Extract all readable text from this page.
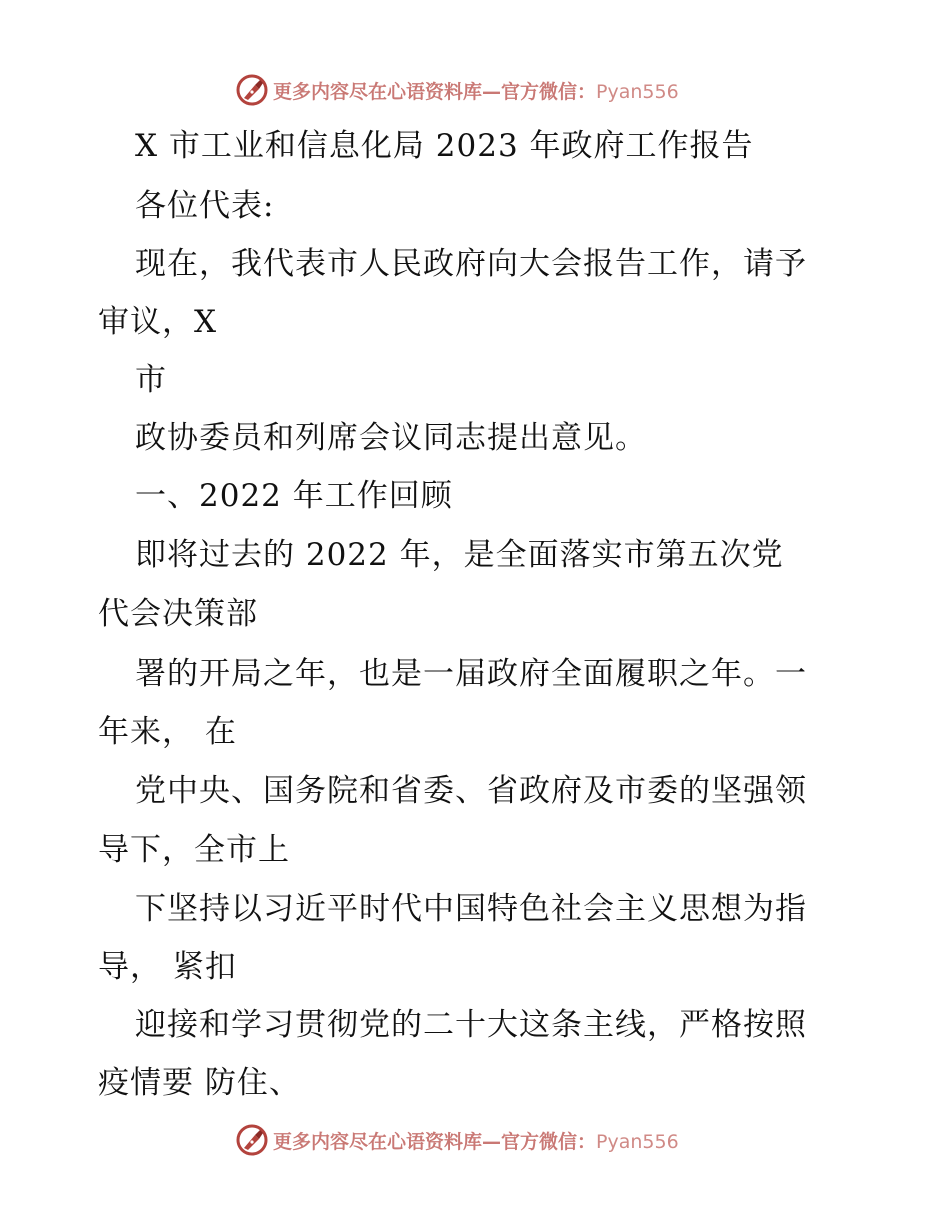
更多内容尽在心语资料库—官方微信：Pyan556
X 市工业和信息化局 2023 年政府工作报告
各位代表:
现在，我代表市人民政府向大会报告工作，请予
审议，X
市
政协委员和列席会议同志提出意见。
一、2022 年工作回顾
即将过去的 2022 年，是全面落实市第五次党
代会决策部
署的开局之年，也是一届政府全面履职之年。一
年来， 在
党中央、国务院和省委、省政府及市委的坚强领
导下，全市上
下坚持以习近平时代中国特色社会主义思想为指
导， 紧扣
迎接和学习贯彻党的二十大这条主线，严格按照
疫情要 防住、
更多内容尽在心语资料库—官方微信：Pyan556
